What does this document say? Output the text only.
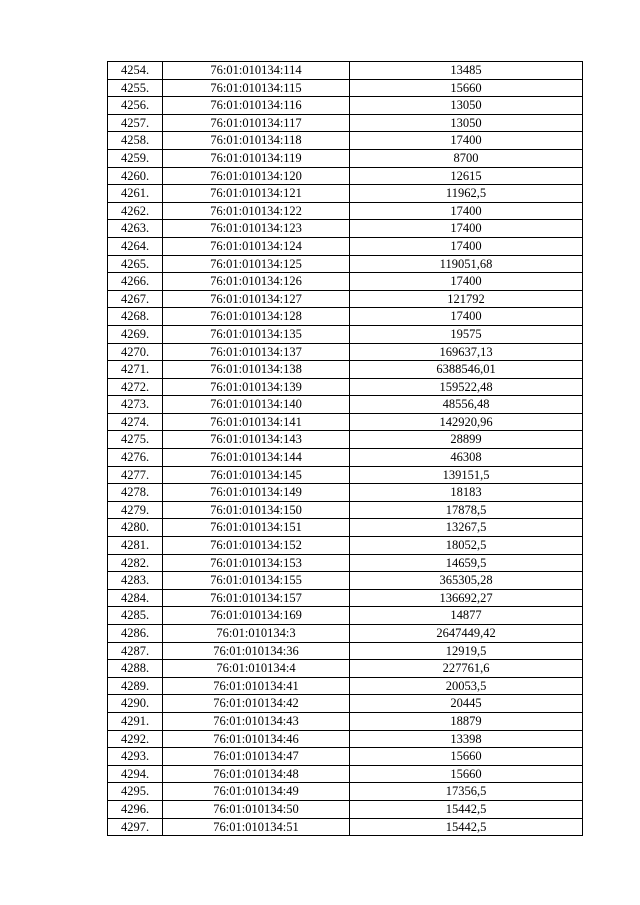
4254.	76:01:010134:114	13485
4255.	76:01:010134:115	15660
4256.	76:01:010134:116	13050
4257.	76:01:010134:117	13050
4258.	76:01:010134:118	17400
4259.	76:01:010134:119	8700
4260.	76:01:010134:120	12615
4261.	76:01:010134:121	11962,5
4262.	76:01:010134:122	17400
4263.	76:01:010134:123	17400
4264.	76:01:010134:124	17400
4265.	76:01:010134:125	119051,68
4266.	76:01:010134:126	17400
4267.	76:01:010134:127	121792
4268.	76:01:010134:128	17400
4269.	76:01:010134:135	19575
4270.	76:01:010134:137	169637,13
4271.	76:01:010134:138	6388546,01
4272.	76:01:010134:139	159522,48
4273.	76:01:010134:140	48556,48
4274.	76:01:010134:141	142920,96
4275.	76:01:010134:143	28899
4276.	76:01:010134:144	46308
4277.	76:01:010134:145	139151,5
4278.	76:01:010134:149	18183
4279.	76:01:010134:150	17878,5
4280.	76:01:010134:151	13267,5
4281.	76:01:010134:152	18052,5
4282.	76:01:010134:153	14659,5
4283.	76:01:010134:155	365305,28
4284.	76:01:010134:157	136692,27
4285.	76:01:010134:169	14877
4286.	76:01:010134:3	2647449,42
4287.	76:01:010134:36	12919,5
4288.	76:01:010134:4	227761,6
4289.	76:01:010134:41	20053,5
4290.	76:01:010134:42	20445
4291.	76:01:010134:43	18879
4292.	76:01:010134:46	13398
4293.	76:01:010134:47	15660
4294.	76:01:010134:48	15660
4295.	76:01:010134:49	17356,5
4296.	76:01:010134:50	15442,5
4297.	76:01:010134:51	15442,5
